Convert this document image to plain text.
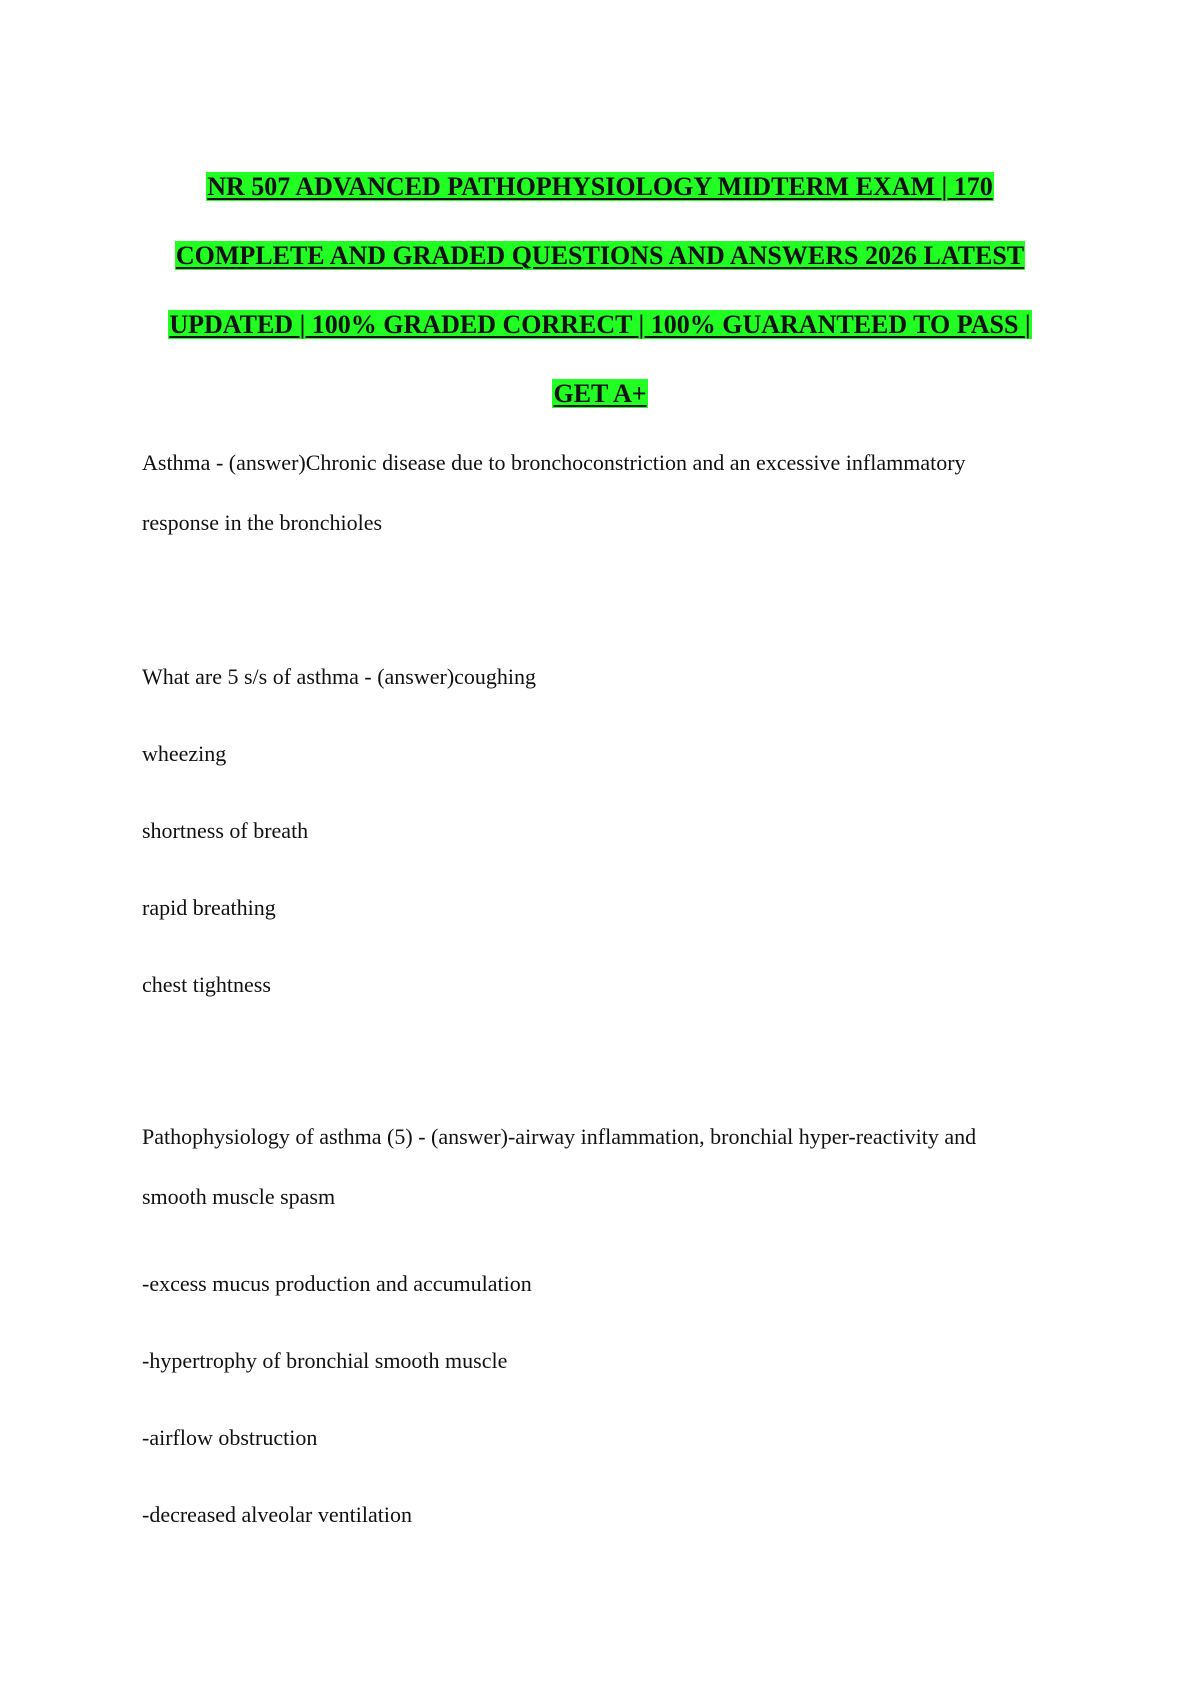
NR 507 ADVANCED PATHOPHYSIOLOGY MIDTERM EXAM | 170
COMPLETE AND GRADED QUESTIONS AND ANSWERS 2026 LATEST
UPDATED | 100% GRADED CORRECT | 100% GUARANTEED TO PASS |
GET A+
Asthma - (answer)Chronic disease due to bronchoconstriction and an excessive inflammatory
response in the bronchioles
What are 5 s/s of asthma - (answer)coughing
wheezing
shortness of breath
rapid breathing
chest tightness
Pathophysiology of asthma (5) - (answer)-airway inflammation, bronchial hyper-reactivity and
smooth muscle spasm
-excess mucus production and accumulation
-hypertrophy of bronchial smooth muscle
-airflow obstruction
-decreased alveolar ventilation
